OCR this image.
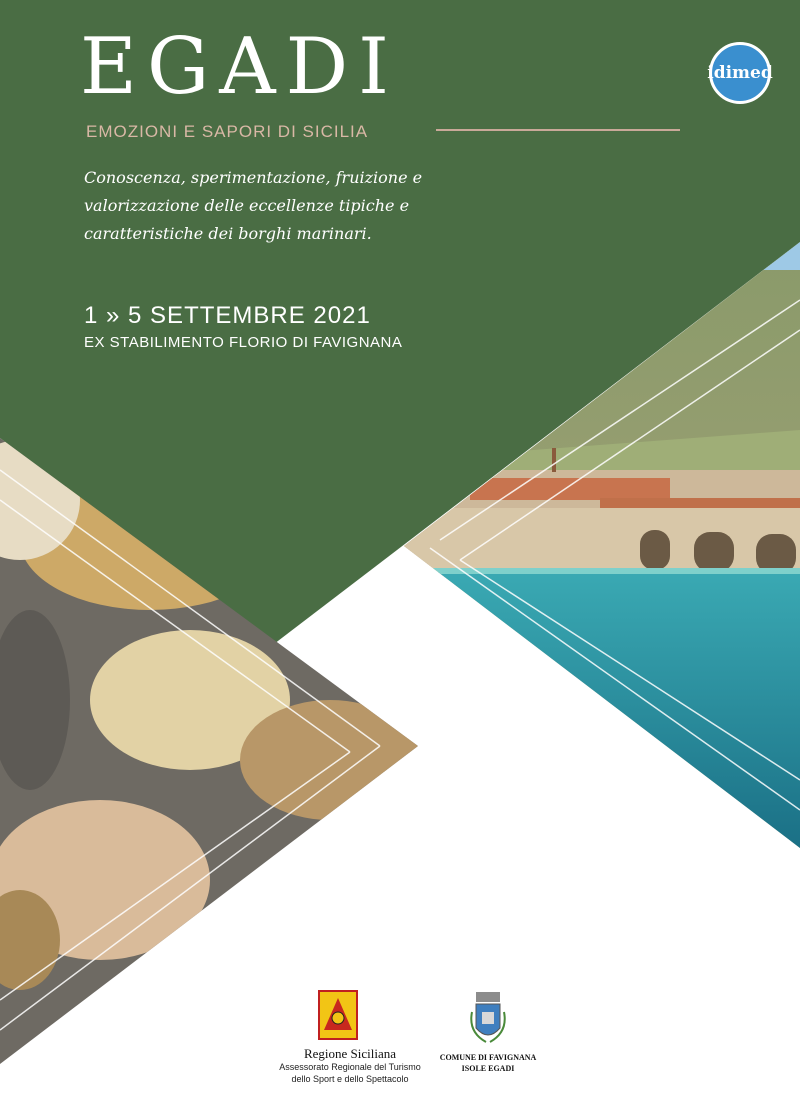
EGADI
EMOZIONI E SAPORI DI SICILIA
Conoscenza, sperimentazione, fruizione e valorizzazione delle eccellenze tipiche e caratteristiche dei borghi marinari.
1 » 5 SETTEMBRE 2021
EX STABILIMENTO FLORIO DI FAVIGNANA
idimed
Regione Siciliana
Assessorato Regionale del Turismo
dello Sport e dello Spettacolo
COMUNE DI FAVIGNANA
ISOLE EGADI
